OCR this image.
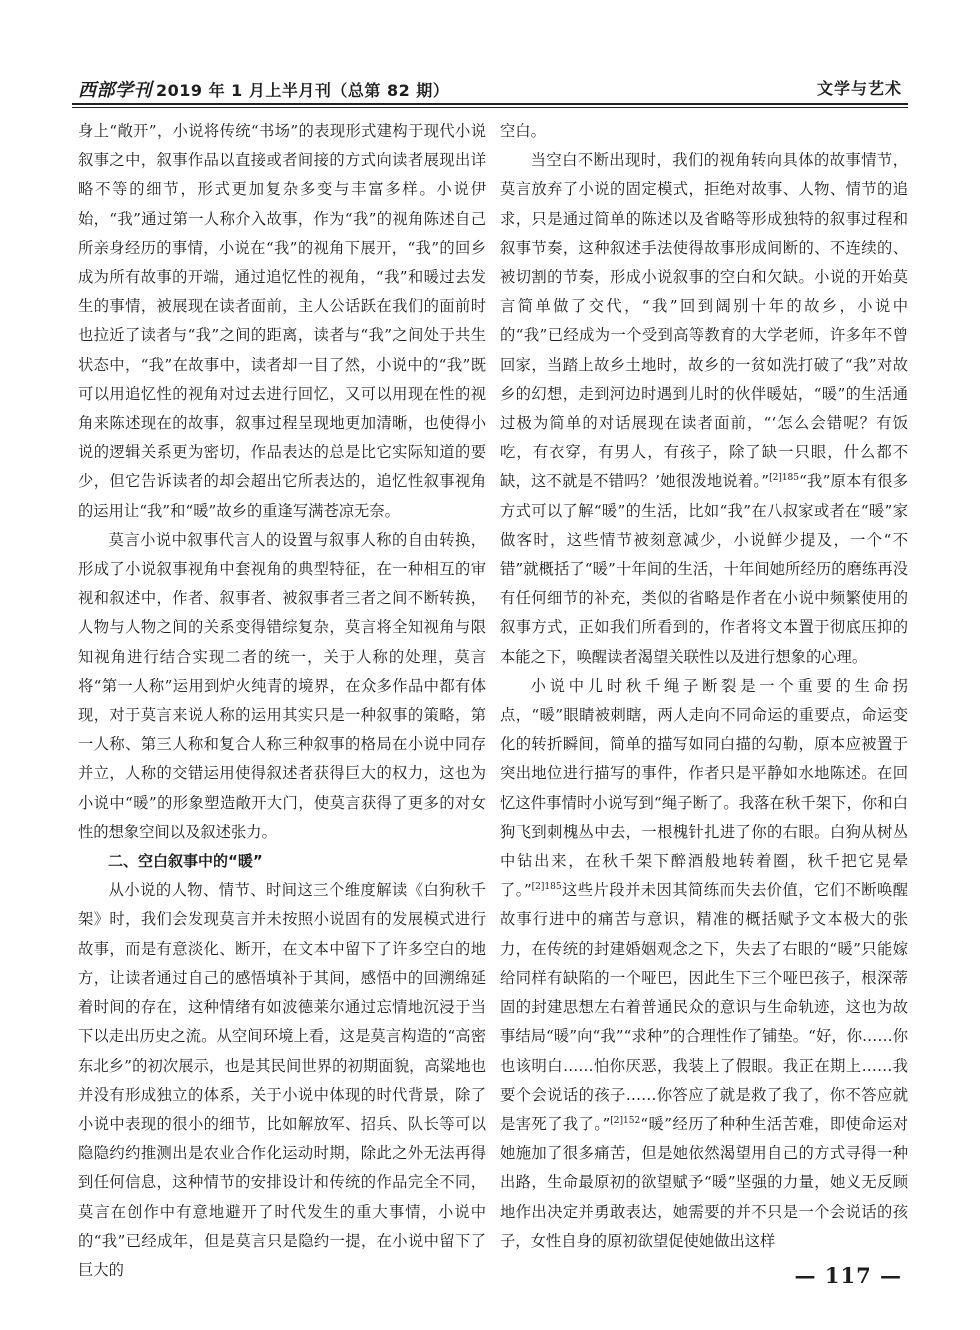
西部学刊 2019 年 1 月上半月刊（总第 82 期）	文学与艺术

身上“敞开”，小说将传统“书场”的表现形式建构于现代小说叙事之中，叙事作品以直接或者间接的方式向读者展现出详略不等的细节，形式更加复杂多变与丰富多样。小说伊始，“我”通过第一人称介入故事，作为“我”的视角陈述自己所亲身经历的事情，小说在“我”的视角下展开，“我”的回乡成为所有故事的开端，通过追忆性的视角，“我”和暖过去发生的事情，被展现在读者面前，主人公话跃在我们的面前时也拉近了读者与“我”之间的距离，读者与“我”之间处于共生状态中，“我”在故事中，读者却一目了然，小说中的“我”既可以用追忆性的视角对过去进行回忆，又可以用现在性的视角来陈述现在的故事，叙事过程呈现地更加清晰，也使得小说的逻辑关系更为密切，作品表达的总是比它实际知道的要少，但它告诉读者的却会超出它所表达的，追忆性叙事视角的运用让“我”和“暖”故乡的重逢写满苍凉无奈。

莫言小说中叙事代言人的设置与叙事人称的自由转换，形成了小说叙事视角中套视角的典型特征，在一种相互的审视和叙述中，作者、叙事者、被叙事者三者之间不断转换，人物与人物之间的关系变得错综复杂，莫言将全知视角与限知视角进行结合实现二者的统一，关于人称的处理，莫言将“第一人称”运用到炉火纯青的境界，在众多作品中都有体现，对于莫言来说人称的运用其实只是一种叙事的策略，第一人称、第三人称和复合人称三种叙事的格局在小说中同存并立，人称的交错运用使得叙述者获得巨大的权力，这也为小说中“暖”的形象塑造敞开大门，使莫言获得了更多的对女性的想象空间以及叙述张力。

二、空白叙事中的“暖”

从小说的人物、情节、时间这三个维度解读《白狗秋千架》时，我们会发现莫言并未按照小说固有的发展模式进行故事，而是有意淡化、断开，在文本中留下了许多空白的地方，让读者通过自己的感悟填补于其间，感悟中的回溯绵延着时间的存在，这种情绪有如波德莱尔通过忘情地沉浸于当下以走出历史之流。从空间环境上看，这是莫言构造的“高密东北乡”的初次展示，也是其民间世界的初期面貌，高粱地也并没有形成独立的体系，关于小说中体现的时代背景，除了小说中表现的很小的细节，比如解放军、招兵、队长等可以隐隐约约推测出是农业合作化运动时期，除此之外无法再得到任何信息，这种情节的安排设计和传统的作品完全不同，莫言在创作中有意地避开了时代发生的重大事情，小说中的“我”已经成年，但是莫言只是隐约一提，在小说中留下了巨大的

空白。

当空白不断出现时，我们的视角转向具体的故事情节，莫言放弃了小说的固定模式，拒绝对故事、人物、情节的追求，只是通过简单的陈述以及省略等形成独特的叙事过程和叙事节奏，这种叙述手法使得故事形成间断的、不连续的、被切割的节奏，形成小说叙事的空白和欠缺。小说的开始莫言简单做了交代，“我”回到阔别十年的故乡，小说中的“我”已经成为一个受到高等教育的大学老师，许多年不曾回家，当踏上故乡土地时，故乡的一贫如洗打破了“我”对故乡的幻想，走到河边时遇到儿时的伙伴暖姑，“暖”的生活通过极为简单的对话展现在读者面前，“‘怎么会错呢？有饭吃，有衣穿，有男人，有孩子，除了缺一只眼，什么都不缺，这不就是不错吗？’她很泼地说着。”$^{[2]185}$“我”原本有很多方式可以了解“暖”的生活，比如“我”在八叔家或者在“暖”家做客时，这些情节被刻意减少，小说鲜少提及，一个“不错”就概括了“暖”十年间的生活，十年间她所经历的磨练再没有任何细节的补充，类似的省略是作者在小说中频繁使用的叙事方式，正如我们所看到的，作者将文本置于彻底压抑的本能之下，唤醒读者渴望关联性以及进行想象的心理。

小说中儿时秋千绳子断裂是一个重要的生命拐点，“暖”眼睛被刺瞎，两人走向不同命运的重要点，命运变化的转折瞬间，简单的描写如同白描的勾勒，原本应被置于突出地位进行描写的事件，作者只是平静如水地陈述。在回忆这件事情时小说写到“绳子断了。我落在秋千架下，你和白狗飞到刺槐丛中去，一根槐针扎进了你的右眼。白狗从树丛中钻出来，在秋千架下醉酒般地转着圈，秋千把它晃晕了。”$^{[2]185}$这些片段并未因其简练而失去价值，它们不断唤醒故事行进中的痛苦与意识，精准的概括赋予文本极大的张力，在传统的封建婚姻观念之下，失去了右眼的“暖”只能嫁给同样有缺陷的一个哑巴，因此生下三个哑巴孩子，根深蒂固的封建思想左右着普通民众的意识与生命轨迹，这也为故事结局“暖”向“我”“求种”的合理性作了铺垫。“好，你……你也该明白……怕你厌恶，我装上了假眼。我正在期上……我要个会说话的孩子……你答应了就是救了我了，你不答应就是害死了我了。”$^{[2]152}$“暖”经历了种种生活苦难，即使命运对她施加了很多痛苦，但是她依然渴望用自己的方式寻得一种出路，生命最原初的欲望赋予“暖”坚强的力量，她义无反顾地作出决定并勇敢表达，她需要的并不只是一个会说话的孩子，女性自身的原初欲望促使她做出这样

— 117 —
